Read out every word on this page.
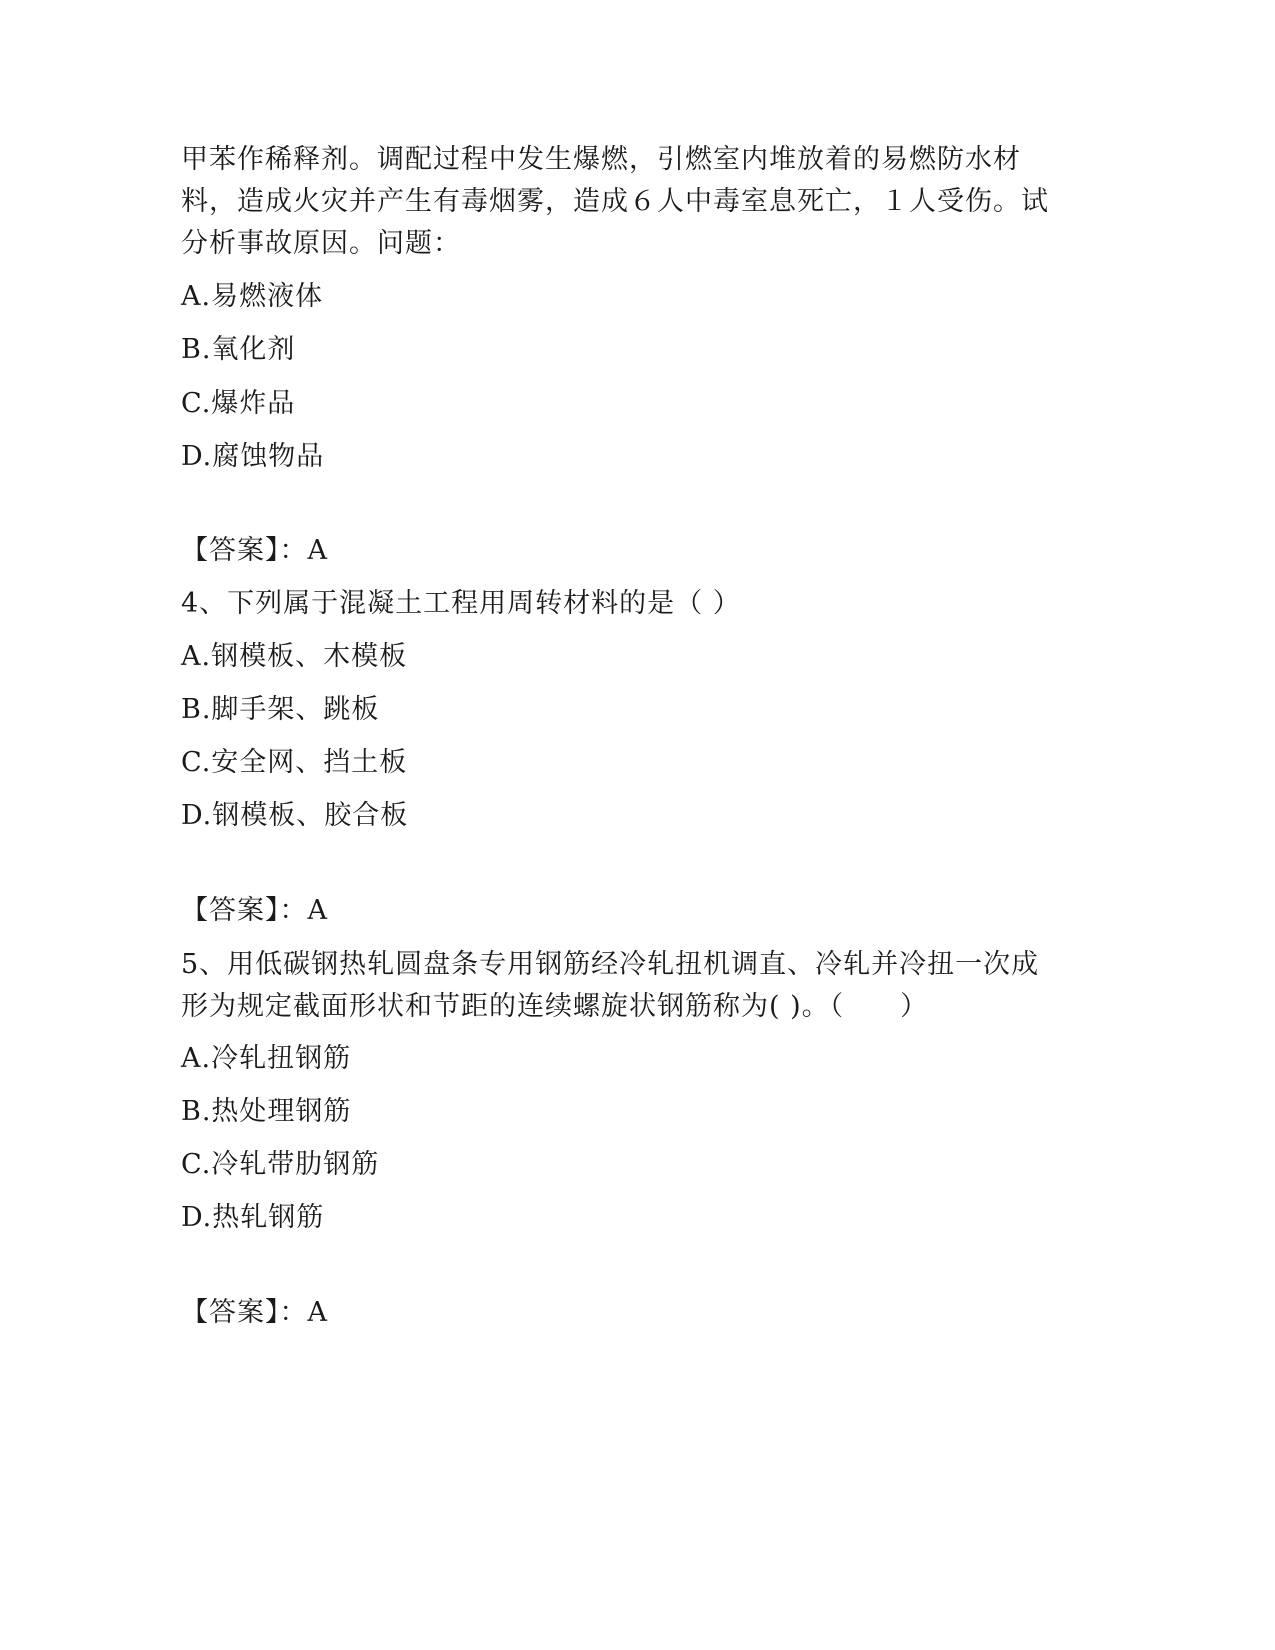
甲苯作稀释剂。调配过程中发生爆燃，引燃室内堆放着的易燃防水材
料，造成火灾并产生有毒烟雾，造成６人中毒室息死亡，１人受伤。试
分析事故原因。问题：
A.易燃液体
B.氧化剂
C.爆炸品
D.腐蚀物品
【答案】：A
4、下列属于混凝土工程用周转材料的是（ ）
A.钢模板、木模板
B.脚手架、跳板
C.安全网、挡土板
D.钢模板、胶合板
【答案】：A
5、用低碳钢热轧圆盘条专用钢筋经冷轧扭机调直、冷轧并冷扭一次成
形为规定截面形状和节距的连续螺旋状钢筋称为( )。（　　）
A.冷轧扭钢筋
B.热处理钢筋
C.冷轧带肋钢筋
D.热轧钢筋
【答案】：A
